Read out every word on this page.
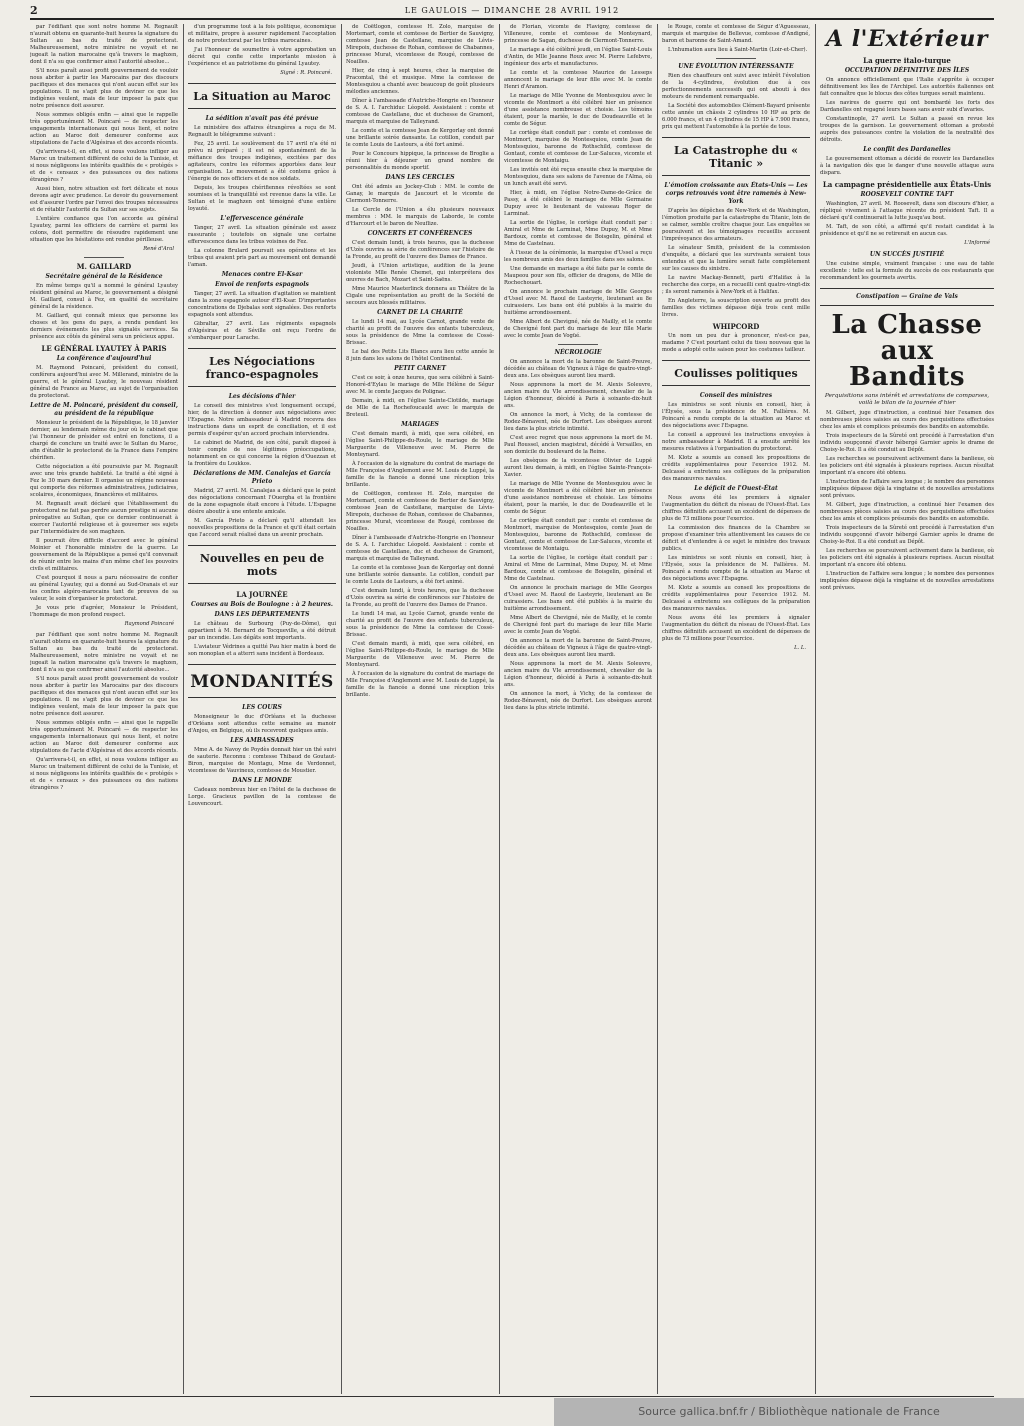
2	LE GAULOIS — DIMANCHE 28 AVRIL 1912

par l'édifiant que sont notre homme M. Regnault n'aurait obtenu en quarante-huit heures la signature du Sultan au bas du traité de protectorat. Malheureusement, notre ministre ne voyait et ne jugeait la nation marocaine qu'à travers le maghzen, dont il n'a su que confirmer ainsi l'autorité absolue...

S'il nous paraît aussi profit gouvernement de vouloir nous abriter à partir les Marocains par des discours pacifiques et des menaces qui n'ont aucun effet sur les populations. Il ne s'agit plus de deviner ce que les indigènes veulent, mais de leur imposer la paix que notre présence doit assurer.

Nous sommes obligés enfin — ainsi que le rappelle très opportunément M. Poincaré — de respecter les engagements internationaux qui nous lient, et notre action au Maroc doit demeurer conforme aux stipulations de l'acte d'Algésiras et des accords récents.

Qu'arrivera-t-il, en effet, si nous voulons infliger au Maroc un traitement différent de celui de la Tunisie, et si nous négligeons les intérêts qualifiés de « protégés » et de « censaux » des puissances ou des nations étrangères ?

Aussi bien, notre situation est fort délicate et nous devons agir avec prudence. Le devoir du gouvernement est d'assurer l'ordre par l'envoi des troupes nécessaires et de rétablir l'autorité du Sultan sur ses sujets.

L'entière confiance que l'on accorde au général Lyautey, parmi les officiers de carrière et parmi les colons, doit permettre de résoudre rapidement une situation que les hésitations ont rendue périlleuse.

René d'Aral
M. GAILLARD
Secrétaire général de la Résidence

En même temps qu'il a nommé le général Lyautey résident général au Maroc, le gouvernement a désigné M. Gaillard, consul à Fez, en qualité de secrétaire général de la résidence.

M. Gaillard, qui connaît mieux que personne les choses et les gens du pays, a rendu pendant les derniers événements les plus signalés services. Sa présence aux côtés du général sera un précieux appui.

LE GÉNÉRAL LYAUTEY À PARIS
La conférence d'aujourd'hui

M. Raymond Poincaré, président du conseil, conférera aujourd'hui avec M. Millerand, ministre de la guerre, et le général Lyautey, le nouveau résident général de France au Maroc, au sujet de l'organisation du protectorat.

Lettre de M. Poincaré, président du conseil, au président de la république

Monsieur le président de la République, le 18 janvier dernier, au lendemain même du jour où le cabinet que j'ai l'honneur de présider est entré en fonctions, il a chargé de conclure un traité avec le Sultan du Maroc, afin d'établir le protectorat de la France dans l'empire chérifien.

Cette négociation a été poursuivie par M. Regnault avec une très grande habileté. Le traité a été signé à Fez le 30 mars dernier. Il organise un régime nouveau qui comporte des réformes administratives, judiciaires, scolaires, économiques, financières et militaires.

M. Regnault avait déclaré que l'établissement du protectorat ne fait pas perdre aucun prestige ni aucune prérogative au Sultan, que ce dernier continuerait à exercer l'autorité religieuse et à gouverner ses sujets par l'intermédiaire de son maghzen.

Il pourrait être difficile d'accord avec le général Moinier et l'honorable ministre de la guerre. Le gouvernement de la République a pensé qu'il convenait de réunir entre les mains d'un même chef les pouvoirs civils et militaires.

C'est pourquoi il nous a paru nécessaire de confier au général Lyautey, qui a donné au Sud-Oranais et sur les confins algéro-marocains tant de preuves de sa valeur, le soin d'organiser le protectorat.

Je vous prie d'agréer, Monsieur le Président, l'hommage de mon profond respect.

Raymond Poincaré

par l'édifiant que sont notre homme M. Regnault n'aurait obtenu en quarante-huit heures la signature du Sultan au bas du traité de protectorat. Malheureusement, notre ministre ne voyait et ne jugeait la nation marocaine qu'à travers le maghzen, dont il n'a su que confirmer ainsi l'autorité absolue...

S'il nous paraît aussi profit gouvernement de vouloir nous abriter à partir les Marocains par des discours pacifiques et des menaces qui n'ont aucun effet sur les populations. Il ne s'agit plus de deviner ce que les indigènes veulent, mais de leur imposer la paix que notre présence doit assurer.

Nous sommes obligés enfin — ainsi que le rappelle très opportunément M. Poincaré — de respecter les engagements internationaux qui nous lient, et notre action au Maroc doit demeurer conforme aux stipulations de l'acte d'Algésiras et des accords récents.

Qu'arrivera-t-il, en effet, si nous voulons infliger au Maroc un traitement différent de celui de la Tunisie, et si nous négligeons les intérêts qualifiés de « protégés » et de « censaux » des puissances ou des nations étrangères ?

d'un programme tout à la fois politique, économique et militaire, propre à assurer rapidement l'acceptation de notre protectorat par les tribus marocaines.

J'ai l'honneur de soumettre à votre approbation un décret qui confie cette importante mission à l'expérience et au patriotisme du général Lyautey.

Signé : R. Poincaré.
La Situation au Maroc
La sédition n'avait pas été prévue

Le ministère des affaires étrangères a reçu de M. Regnault le télégramme suivant :

Fez, 25 avril. Le soulèvement du 17 avril n'a été ni prévu ni préparé ; il est né spontanément de la méfiance des troupes indigènes, excitées par des agitateurs, contre les réformes apportées dans leur organisation. Le mouvement a été contenu grâce à l'énergie de nos officiers et de nos soldats.

Depuis, les troupes chérifiennes révoltées se sont soumises et la tranquillité est revenue dans la ville. Le Sultan et le maghzen ont témoigné d'une entière loyauté.

L'effervescence générale

Tanger, 27 avril. La situation générale est assez rassurante ; toutefois on signale une certaine effervescence dans les tribus voisines de Fez.

La colonne Brulard poursuit ses opérations et les tribus qui avaient pris part au mouvement ont demandé l'aman.

Menaces contre El-Ksar
Envoi de renforts espagnols

Tanger, 27 avril. La situation d'agitation se maintient dans la zone espagnole autour d'El-Ksar. D'importantes concentrations de Djebalas sont signalées. Des renforts espagnols sont attendus.

Gibraltar, 27 avril. Les régiments espagnols d'Algésiras et de Séville ont reçu l'ordre de s'embarquer pour Larache.

Les Négociations franco-espagnoles
Les décisions d'hier

Le conseil des ministres s'est longuement occupé, hier, de la direction à donner aux négociations avec l'Espagne. Notre ambassadeur à Madrid recevra des instructions dans un esprit de conciliation, et il est permis d'espérer qu'un accord prochain interviendra.

Le cabinet de Madrid, de son côté, paraît disposé à tenir compte de nos légitimes préoccupations, notamment en ce qui concerne la région d'Ouezzan et la frontière du Loukkos.

Déclarations de MM. Canalejas et García Prieto

Madrid, 27 avril. M. Canalejas a déclaré que le point des négociations concernant l'Ouergha et la frontière de la zone espagnole était encore à l'étude. L'Espagne désire aboutir à une entente amicale.

M. García Prieto a déclaré qu'il attendait les nouvelles propositions de la France et qu'il était certain que l'accord serait réalisé dans un avenir prochain.

Nouvelles en peu de mots
LA JOURNÉE
Courses au Bois de Boulogne : à 2 heures.
DANS LES DÉPARTEMENTS

Le château de Surbourg (Puy-de-Dôme), qui appartient à M. Bernard de Tocqueville, a été détruit par un incendie. Les dégâts sont importants.

L'aviateur Védrines a quitté Pau hier matin à bord de son monoplan et a atterri sans incident à Bordeaux.

MONDANITÉS
LES COURS

Monseigneur le duc d'Orléans et la duchesse d'Orléans sont attendus cette semaine au manoir d'Anjou, en Belgique, où ils recevront quelques amis.

LES AMBASSADES

Mme A. de Navoy de Poydès donnait hier un thé suivi de sauterie. Reconnu : comtesse Thibaud de Goutaut-Biron, marquise de Montagu, Mme de Verdonnet, vicomtesse de Vauvineux, comtesse de Moustier.

DANS LE MONDE

Cadeaux nombreux hier en l'hôtel de la duchesse de Lorge. Gracieux pavillon de la comtesse de Louvencourt.

de Coëtlogon, comtesse H. Zolo, marquise de Mortemart, comte et comtesse de Bertier de Sauvigny, comtesse Jean de Castellane, marquise de Lévis-Mirepoix, duchesse de Rohan, comtesse de Chabannes, princesse Murat, vicomtesse de Rougé, comtesse de Noailles.

Hier, de cinq à sept heures, chez la marquise de Pracomtal, thé et musique. Mme la comtesse de Montesquiou a chanté avec beaucoup de goût plusieurs mélodies anciennes.

Dîner à l'ambassade d'Autriche-Hongrie en l'honneur de S. A. I. l'archiduc Léopold. Assistaient : comte et comtesse de Castellane, duc et duchesse de Gramont, marquis et marquise de Talleyrand.

Le comte et la comtesse Jean de Kergorlay ont donné une brillante soirée dansante. Le cotillon, conduit par le comte Louis de Lastours, a été fort animé.

Pour le Concours hippique, la princesse de Broglie a réuni hier à déjeuner un grand nombre de personnalités du monde sportif.

DANS LES CERCLES

Ont été admis au Jockey-Club : MM. le comte de Ganay, le marquis de Jaucourt et le vicomte de Clermont-Tonnerre.

Le Cercle de l'Union a élu plusieurs nouveaux membres : MM. le marquis de Laborde, le comte d'Harcourt et le baron de Neuflize.

CONCERTS ET CONFÉRENCES

C'est demain lundi, à trois heures, que la duchesse d'Uzès ouvrira sa série de conférences sur l'histoire de la Fronde, au profit de l'œuvre des Dames de France.

Jeudi, à l'Union artistique, audition de la jeune violoniste Mlle Renée Chemet, qui interprétera des œuvres de Bach, Mozart et Saint-Saëns.

Mme Maurice Maeterlinck donnera au Théâtre de la Cigale une représentation au profit de la Société de secours aux blessés militaires.

CARNET DE LA CHARITÉ

Le lundi 14 mai, au Lycée Carnot, grande vente de charité au profit de l'œuvre des enfants tuberculeux, sous la présidence de Mme la comtesse de Cossé-Brissac.

Le bal des Petits Lits Blancs aura lieu cette année le 8 juin dans les salons de l'hôtel Continental.

PETIT CARNET

C'est ce soir, à onze heures, que sera célébré à Saint-Honoré-d'Eylau le mariage de Mlle Hélène de Ségur avec M. le comte Jacques de Polignac.

Demain, à midi, en l'église Sainte-Clotilde, mariage de Mlle de La Rochefoucauld avec le marquis de Breteuil.

MARIAGES

C'est demain mardi, à midi, que sera célébré, en l'église Saint-Philippe-du-Roule, le mariage de Mlle Marguerite de Villeneuve avec M. Pierre de Monteynard.

À l'occasion de la signature du contrat de mariage de Mlle Françoise d'Anglemont avec M. Louis de Luppé, la famille de la fiancée a donné une réception très brillante.

de Coëtlogon, comtesse H. Zolo, marquise de Mortemart, comte et comtesse de Bertier de Sauvigny, comtesse Jean de Castellane, marquise de Lévis-Mirepoix, duchesse de Rohan, comtesse de Chabannes, princesse Murat, vicomtesse de Rougé, comtesse de Noailles.

Dîner à l'ambassade d'Autriche-Hongrie en l'honneur de S. A. I. l'archiduc Léopold. Assistaient : comte et comtesse de Castellane, duc et duchesse de Gramont, marquis et marquise de Talleyrand.

Le comte et la comtesse Jean de Kergorlay ont donné une brillante soirée dansante. Le cotillon, conduit par le comte Louis de Lastours, a été fort animé.

C'est demain lundi, à trois heures, que la duchesse d'Uzès ouvrira sa série de conférences sur l'histoire de la Fronde, au profit de l'œuvre des Dames de France.

Le lundi 14 mai, au Lycée Carnot, grande vente de charité au profit de l'œuvre des enfants tuberculeux, sous la présidence de Mme la comtesse de Cossé-Brissac.

C'est demain mardi, à midi, que sera célébré, en l'église Saint-Philippe-du-Roule, le mariage de Mlle Marguerite de Villeneuve avec M. Pierre de Monteynard.

À l'occasion de la signature du contrat de mariage de Mlle Françoise d'Anglemont avec M. Louis de Luppé, la famille de la fiancée a donné une réception très brillante.

de Florian, vicomte de Flavigny, comtesse de Villeneuve, comte et comtesse de Monteynard, princesse de Sagan, duchesse de Clermont-Tonnerre.

Le mariage a été célébré jeudi, en l'église Saint-Louis d'Antin, de Mlle Jeanne Roux avec M. Pierre Lefebvre, ingénieur des arts et manufactures.

Le comte et la comtesse Maurice de Lesseps annoncent le mariage de leur fille avec M. le comte Henri d'Aramon.

Le mariage de Mlle Yvonne de Montesquiou avec le vicomte de Montmort a été célébré hier en présence d'une assistance nombreuse et choisie. Les témoins étaient, pour la mariée, le duc de Doudeauville et le comte de Ségur.

Le cortège était conduit par : comte et comtesse de Montmort, marquise de Montesquiou, comte Jean de Montesquiou, baronne de Rothschild, comtesse de Gontaut, comte et comtesse de Lur-Saluces, vicomte et vicomtesse de Montaigu.

Les invités ont été reçus ensuite chez la marquise de Montesquiou, dans ses salons de l'avenue de l'Alma, où un lunch avait été servi.

Hier, à midi, en l'église Notre-Dame-de-Grâce de Passy, a été célébré le mariage de Mlle Germaine Dupuy avec le lieutenant de vaisseau Roger de Larminat.

La sortie de l'église, le cortège était conduit par : Amiral et Mme de Larminat, Mme Dupuy, M. et Mme Bardoux, comte et comtesse de Boisgelin, général et Mme de Castelnau.

À l'issue de la cérémonie, la marquise d'Ussel a reçu les nombreux amis des deux familles dans ses salons.

Une demande en mariage a été faite par le comte de Maupeou pour son fils, officier de dragons, de Mlle de Rochechouart.

On annonce le prochain mariage de Mlle Georges d'Ussel avec M. Raoul de Lasteyrie, lieutenant au 8e cuirassiers. Les bans ont été publiés à la mairie du huitième arrondissement.

Mme Albert de Chevigné, née de Mailly, et le comte de Chevigné font part du mariage de leur fille Marie avec le comte Jean de Vogüé.

NÉCROLOGIE

On annonce la mort de la baronne de Saint-Preuve, décédée au château de Vigneux à l'âge de quatre-vingt-deux ans. Les obsèques auront lieu mardi.

Nous apprenons la mort de M. Alexis Soleuvre, ancien maire du VIe arrondissement, chevalier de la Légion d'honneur, décédé à Paris à soixante-dix-huit ans.

On annonce la mort, à Vichy, de la comtesse de Rodez-Bénavent, née de Durfort. Les obsèques auront lieu dans la plus stricte intimité.

C'est avec regret que nous apprenons la mort de M. Paul Roussel, ancien magistrat, décédé à Versailles, en son domicile du boulevard de la Reine.

Les obsèques de la vicomtesse Olivier de Luppé auront lieu demain, à midi, en l'église Sainte-François-Xavier.

Le mariage de Mlle Yvonne de Montesquiou avec le vicomte de Montmort a été célébré hier en présence d'une assistance nombreuse et choisie. Les témoins étaient, pour la mariée, le duc de Doudeauville et le comte de Ségur.

Le cortège était conduit par : comte et comtesse de Montmort, marquise de Montesquiou, comte Jean de Montesquiou, baronne de Rothschild, comtesse de Gontaut, comte et comtesse de Lur-Saluces, vicomte et vicomtesse de Montaigu.

La sortie de l'église, le cortège était conduit par : Amiral et Mme de Larminat, Mme Dupuy, M. et Mme Bardoux, comte et comtesse de Boisgelin, général et Mme de Castelnau.

On annonce le prochain mariage de Mlle Georges d'Ussel avec M. Raoul de Lasteyrie, lieutenant au 8e cuirassiers. Les bans ont été publiés à la mairie du huitième arrondissement.

Mme Albert de Chevigné, née de Mailly, et le comte de Chevigné font part du mariage de leur fille Marie avec le comte Jean de Vogüé.

On annonce la mort de la baronne de Saint-Preuve, décédée au château de Vigneux à l'âge de quatre-vingt-deux ans. Les obsèques auront lieu mardi.

Nous apprenons la mort de M. Alexis Soleuvre, ancien maire du VIe arrondissement, chevalier de la Légion d'honneur, décédé à Paris à soixante-dix-huit ans.

On annonce la mort, à Vichy, de la comtesse de Rodez-Bénavent, née de Durfort. Les obsèques auront lieu dans la plus stricte intimité.

le Rouge, comte et comtesse de Ségur d'Aguesseau, marquis et marquise de Bellevue, comtesse d'Andigné, baron et baronne de Saint-Amand.

L'inhumation aura lieu à Saint-Martin (Loir-et-Cher).

UNE ÉVOLUTION INTÉRESSANTE

Rien des chauffeurs ont suivi avec intérêt l'évolution de la 4-cylindres, évolution due à ces perfectionnements successifs qui ont abouti à des moteurs de rendement remarquable.

La Société des automobiles Clément-Bayard présente cette année un châssis 2 cylindres 10 HP au prix de 6.000 francs, et un 4 cylindres de 15 HP à 7.900 francs, prix qui mettent l'automobile à la portée de tous.

La Catastrophe du « Titanic »
L'émotion croissante aux États-Unis — Les corps retrouvés vont être ramenés à New-York

D'après les dépêches de New-York et de Washington, l'émotion produite par la catastrophe du Titanic, loin de se calmer, semble croître chaque jour. Les enquêtes se poursuivent et les témoignages recueillis accusent l'imprévoyance des armateurs.

Le sénateur Smith, président de la commission d'enquête, a déclaré que les survivants seraient tous entendus et que la lumière serait faite complètement sur les causes du sinistre.

Le navire Mackay-Bennett, parti d'Halifax à la recherche des corps, en a recueilli cent quatre-vingt-dix ; ils seront ramenés à New-York et à Halifax.

En Angleterre, la souscription ouverte au profit des familles des victimes dépasse déjà trois cent mille livres.

WHIPCORD

Un nom un peu dur à prononcer, n'est-ce pas, madame ? C'est pourtant celui du tissu nouveau que la mode a adopté cette saison pour les costumes tailleur.

Coulisses politiques
Conseil des ministres

Les ministres se sont réunis en conseil, hier, à l'Élysée, sous la présidence de M. Fallières. M. Poincaré a rendu compte de la situation au Maroc et des négociations avec l'Espagne.

Le conseil a approuvé les instructions envoyées à notre ambassadeur à Madrid. Il a ensuite arrêté les mesures relatives à l'organisation du protectorat.

M. Klotz a soumis au conseil les propositions de crédits supplémentaires pour l'exercice 1912. M. Delcassé a entretenu ses collègues de la préparation des manœuvres navales.

Le déficit de l'Ouest-État

Nous avons été les premiers à signaler l'augmentation du déficit du réseau de l'Ouest-État. Les chiffres définitifs accusent un excédent de dépenses de plus de 73 millions pour l'exercice.

La commission des finances de la Chambre se propose d'examiner très attentivement les causes de ce déficit et d'entendre à ce sujet le ministre des travaux publics.

Les ministres se sont réunis en conseil, hier, à l'Élysée, sous la présidence de M. Fallières. M. Poincaré a rendu compte de la situation au Maroc et des négociations avec l'Espagne.

M. Klotz a soumis au conseil les propositions de crédits supplémentaires pour l'exercice 1912. M. Delcassé a entretenu ses collègues de la préparation des manœuvres navales.

Nous avons été les premiers à signaler l'augmentation du déficit du réseau de l'Ouest-État. Les chiffres définitifs accusent un excédent de dépenses de plus de 73 millions pour l'exercice.

L. L.
A l'Extérieur
La guerre italo-turque
OCCUPATION DÉFINITIVE DES ÎLES

On annonce officiellement que l'Italie s'apprête à occuper définitivement les îles de l'Archipel. Les autorités italiennes ont fait connaître que le blocus des côtes turques serait maintenu.

Les navires de guerre qui ont bombardé les forts des Dardanelles ont regagné leurs bases sans avoir subi d'avaries.

Constantinople, 27 avril. Le Sultan a passé en revue les troupes de la garnison. Le gouvernement ottoman a protesté auprès des puissances contre la violation de la neutralité des détroits.

Le conflit des Dardanelles

Le gouvernement ottoman a décidé de rouvrir les Dardanelles à la navigation dès que le danger d'une nouvelle attaque aura disparu.

La campagne présidentielle aux États-Unis
ROOSEVELT CONTRE TAFT

Washington, 27 avril. M. Roosevelt, dans son discours d'hier, a répliqué vivement à l'attaque récente du président Taft. Il a déclaré qu'il continuerait la lutte jusqu'au bout.

M. Taft, de son côté, a affirmé qu'il restait candidat à la présidence et qu'il ne se retirerait en aucun cas.

L'Informé
UN SUCCÈS JUSTIFIÉ

Une cuisine simple, vraiment française : une eau de table excellente : telle est la formule du succès de ces restaurants que recommandent les gourmets avertis.

Constipation — Graine de Vals
La Chasse aux Bandits
Perquisitions sans intérêt et arrestations de comparses, voilà le bilan de la journée d'hier

M. Gilbert, juge d'instruction, a continué hier l'examen des nombreuses pièces saisies au cours des perquisitions effectuées chez les amis et complices présumés des bandits en automobile.

Trois inspecteurs de la Sûreté ont procédé à l'arrestation d'un individu soupçonné d'avoir hébergé Garnier après le drame de Choisy-le-Roi. Il a été conduit au Dépôt.

Les recherches se poursuivent activement dans la banlieue, où les policiers ont été signalés à plusieurs reprises. Aucun résultat important n'a encore été obtenu.

L'instruction de l'affaire sera longue ; le nombre des personnes impliquées dépasse déjà la vingtaine et de nouvelles arrestations sont prévues.

M. Gilbert, juge d'instruction, a continué hier l'examen des nombreuses pièces saisies au cours des perquisitions effectuées chez les amis et complices présumés des bandits en automobile.

Trois inspecteurs de la Sûreté ont procédé à l'arrestation d'un individu soupçonné d'avoir hébergé Garnier après le drame de Choisy-le-Roi. Il a été conduit au Dépôt.

Les recherches se poursuivent activement dans la banlieue, où les policiers ont été signalés à plusieurs reprises. Aucun résultat important n'a encore été obtenu.

L'instruction de l'affaire sera longue ; le nombre des personnes impliquées dépasse déjà la vingtaine et de nouvelles arrestations sont prévues.

Source gallica.bnf.fr / Bibliothèque nationale de France
